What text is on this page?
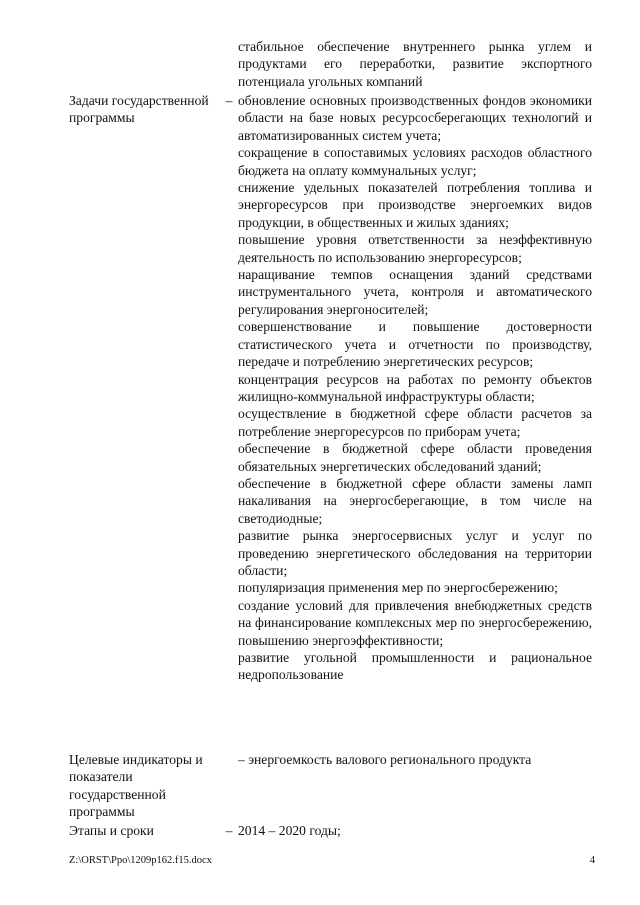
стабильное обеспечение внутреннего рынка углем и продуктами его переработки, развитие экспортного потенциала угольных компаний
Задачи государственной программы
– обновление основных производственных фондов экономики области на базе новых ресурсосберегающих технологий и автоматизированных систем учета;

сокращение в сопоставимых условиях расходов областного бюджета на оплату коммунальных услуг;

снижение удельных показателей потребления топлива и энергоресурсов при производстве энергоемких видов продукции, в общественных и жилых зданиях;

повышение уровня ответственности за неэффективную деятельность по использованию энергоресурсов;

наращивание темпов оснащения зданий средствами инструментального учета, контроля и автоматического регулирования энергоносителей;

совершенствование и повышение достоверности статистического учета и отчетности по производству, передаче и потреблению энергетических ресурсов;

концентрация ресурсов на работах по ремонту объектов жилищно-коммунальной инфраструктуры области;

осуществление в бюджетной сфере области расчетов за потребление энергоресурсов по приборам учета;

обеспечение в бюджетной сфере области проведения обязательных энергетических обследований зданий;

обеспечение в бюджетной сфере области замены ламп накаливания на энергосберегающие, в том числе на светодиодные;

развитие рынка энергосервисных услуг и услуг по проведению энергетического обследования на территории области;

популяризация применения мер по энергосбережению;

создание условий для привлечения внебюджетных средств на финансирование комплексных мер по энергосбережению, повышению энергоэффективности;

развитие угольной промышленности и рациональное недропользование

Целевые индикаторы и показатели государственной программы
– энергоемкость валового регионального продукта
Этапы и сроки	– 2014 – 2020 годы;
Z:\ORST\Ppo\1209p162.f15.docx	4
